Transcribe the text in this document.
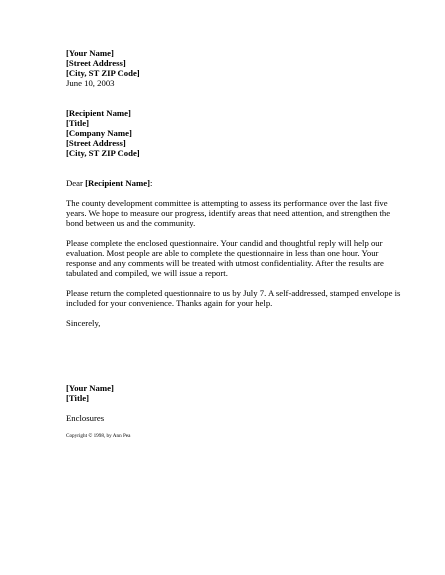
[Your Name]
[Street Address]
[City, ST ZIP Code]
June 10, 2003
[Recipient Name]
[Title]
[Company Name]
[Street Address]
[City, ST ZIP Code]
Dear [Recipient Name]:
The county development committee is attempting to assess its performance over the last five years. We hope to measure our progress, identify areas that need attention, and strengthen the bond between us and the community.
Please complete the enclosed questionnaire. Your candid and thoughtful reply will help our evaluation. Most people are able to complete the questionnaire in less than one hour. Your response and any comments will be treated with utmost confidentiality. After the results are tabulated and compiled, we will issue a report.
Please return the completed questionnaire to us by July 7. A self-addressed, stamped envelope is included for your convenience. Thanks again for your help.
Sincerely,
[Your Name]
[Title]
Enclosures
Copyright © 1998, by Ann Pea
